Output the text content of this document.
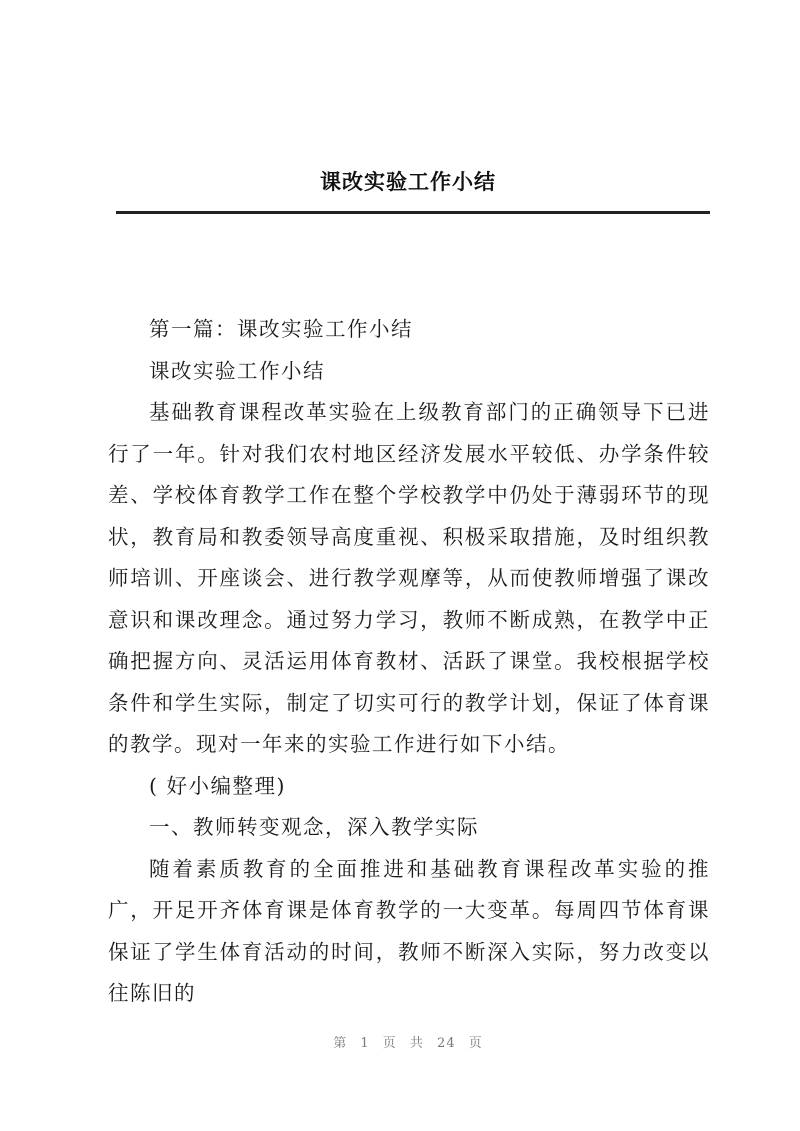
课改实验工作小结

第一篇：课改实验工作小结

课改实验工作小结

基础教育课程改革实验在上级教育部门的正确领导下已进行了一年。针对我们农村地区经济发展水平较低、办学条件较差、学校体育教学工作在整个学校教学中仍处于薄弱环节的现状，教育局和教委领导高度重视、积极采取措施，及时组织教师培训、开座谈会、进行教学观摩等，从而使教师增强了课改意识和课改理念。通过努力学习，教师不断成熟，在教学中正确把握方向、灵活运用体育教材、活跃了课堂。我校根据学校条件和学生实际，制定了切实可行的教学计划，保证了体育课的教学。现对一年来的实验工作进行如下小结。

( 好小编整理)

一、教师转变观念，深入教学实际

随着素质教育的全面推进和基础教育课程改革实验的推广，开足开齐体育课是体育教学的一大变革。每周四节体育课保证了学生体育活动的时间，教师不断深入实际，努力改变以往陈旧的

第 1 页 共 24 页
